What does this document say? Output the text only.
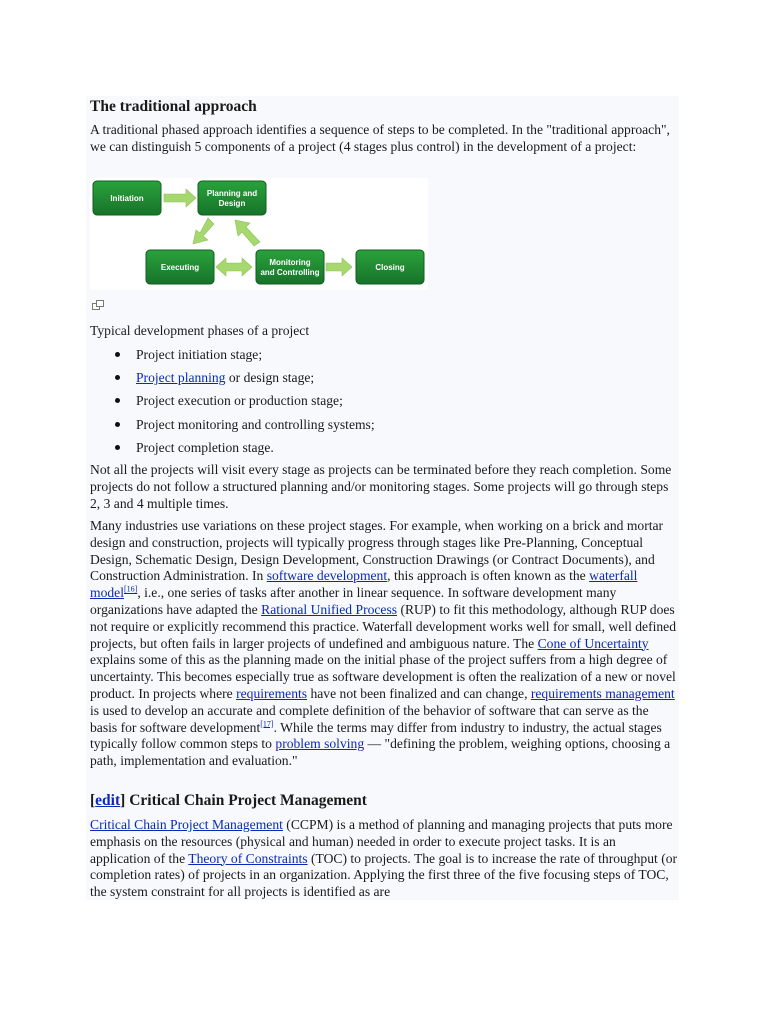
The traditional approach

A traditional phased approach identifies a sequence of steps to be completed. In the "traditional approach", we can distinguish 5 components of a project (4 stages plus control) in the development of a project:

Initiation
Planning and
Design
Executing
Monitoring
and Controlling
Closing

Typical development phases of a project

Project initiation stage;
Project planning or design stage;
Project execution or production stage;
Project monitoring and controlling systems;
Project completion stage.

Not all the projects will visit every stage as projects can be terminated before they reach completion. Some projects do not follow a structured planning and/or monitoring stages. Some projects will go through steps 2, 3 and 4 multiple times.

Many industries use variations on these project stages. For example, when working on a brick and mortar design and construction, projects will typically progress through stages like Pre-Planning, Conceptual Design, Schematic Design, Design Development, Construction Drawings (or Contract Documents), and Construction Administration. In software development, this approach is often known as the waterfall model[16], i.e., one series of tasks after another in linear sequence. In software development many organizations have adapted the Rational Unified Process (RUP) to fit this methodology, although RUP does not require or explicitly recommend this practice. Waterfall development works well for small, well defined projects, but often fails in larger projects of undefined and ambiguous nature. The Cone of Uncertainty explains some of this as the planning made on the initial phase of the project suffers from a high degree of uncertainty. This becomes especially true as software development is often the realization of a new or novel product. In projects where requirements have not been finalized and can change, requirements management is used to develop an accurate and complete definition of the behavior of software that can serve as the basis for software development[17]. While the terms may differ from industry to industry, the actual stages typically follow common steps to problem solving — "defining the problem, weighing options, choosing a path, implementation and evaluation."

[edit] Critical Chain Project Management

Critical Chain Project Management (CCPM) is a method of planning and managing projects that puts more emphasis on the resources (physical and human) needed in order to execute project tasks. It is an application of the Theory of Constraints (TOC) to projects. The goal is to increase the rate of throughput (or completion rates) of projects in an organization. Applying the first three of the five focusing steps of TOC, the system constraint for all projects is identified as are
